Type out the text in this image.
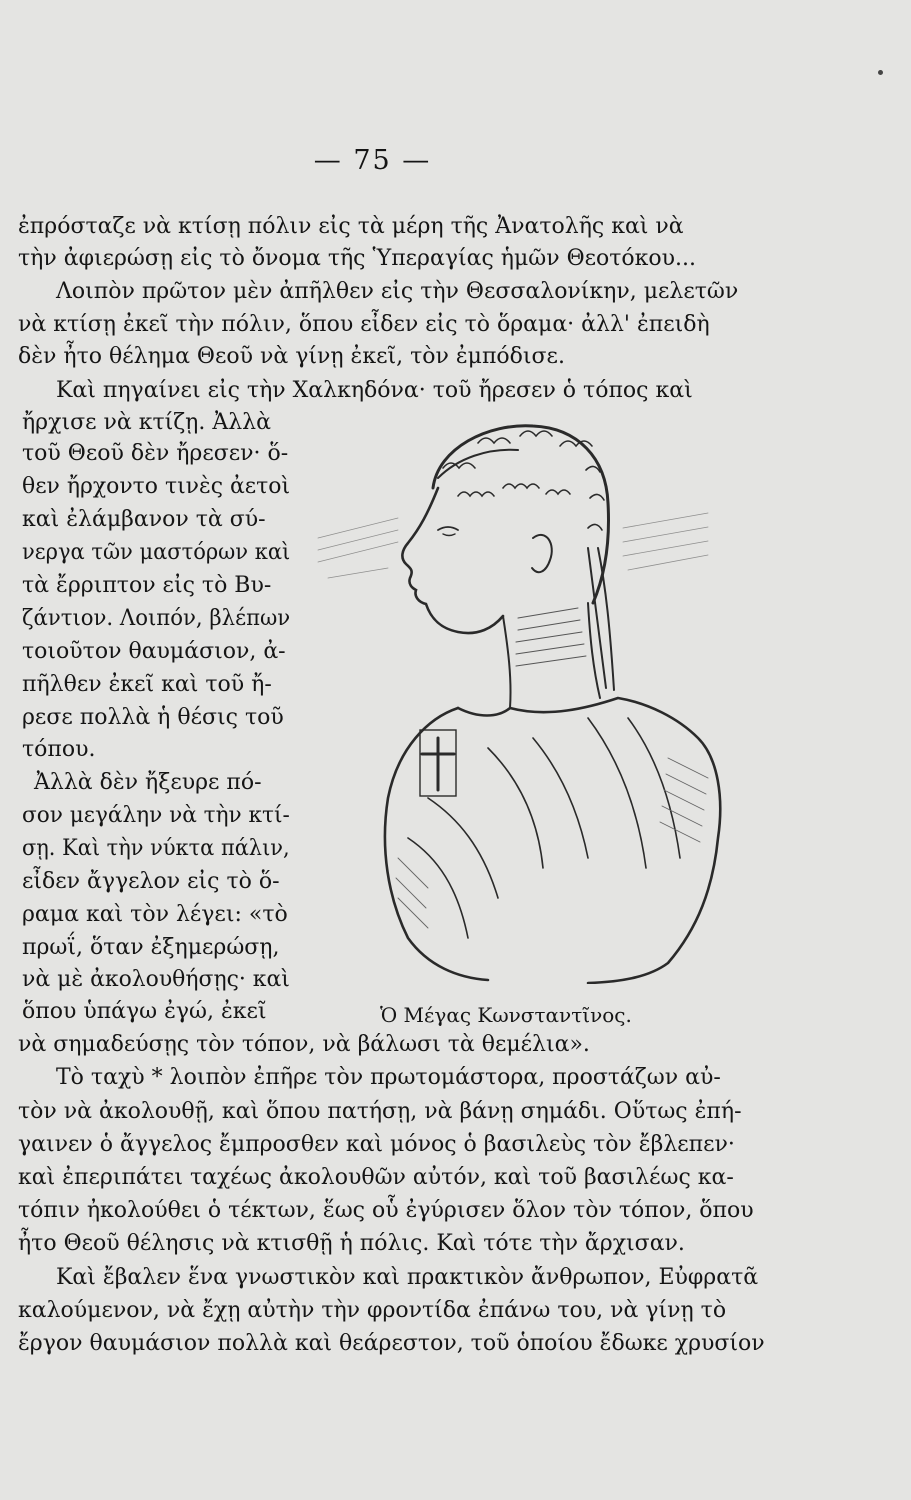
— 75 —
ἐπρόσταζε νὰ κτίσῃ πόλιν εἰς τὰ μέρη τῆς Ἀνατολῆς καὶ νὰ
τὴν ἀφιερώσῃ εἰς τὸ ὄνομα τῆς Ὑπεραγίας ἡμῶν Θεοτόκου...
Λοιπὸν πρῶτον μὲν ἀπῆλθεν εἰς τὴν Θεσσαλονίκην, μελετῶν
νὰ κτίσῃ ἐκεῖ τὴν πόλιν, ὅπου εἶδεν εἰς τὸ ὅραμα· ἀλλ' ἐπειδὴ
δὲν ἦτο θέλημα Θεοῦ νὰ γίνῃ ἐκεῖ, τὸν ἐμπόδισε.
Καὶ πηγαίνει εἰς τὴν Χαλκηδόνα· τοῦ ἤρεσεν ὁ τόπος καὶ
ἤρχισε νὰ κτίζῃ. Ἀλλὰ
τοῦ Θεοῦ δὲν ἤρεσεν· ὅ-
θεν ἤρχοντο τινὲς ἀετοὶ
καὶ ἐλάμβανον τὰ σύ-
νεργα τῶν μαστόρων καὶ
τὰ ἔρριπτον εἰς τὸ Βυ-
ζάντιον. Λοιπόν, βλέπων
τοιοῦτον θαυμάσιον, ἀ-
πῆλθεν ἐκεῖ καὶ τοῦ ἤ-
ρεσε πολλὰ ἡ θέσις τοῦ
τόπου.
Ἀλλὰ δὲν ἤξευρε πό-
σον μεγάλην νὰ τὴν κτί-
σῃ. Καὶ τὴν νύκτα πάλιν,
εἶδεν ἄγγελον εἰς τὸ ὅ-
ραμα καὶ τὸν λέγει: «τὸ
πρωΐ, ὅταν ἐξημερώσῃ,
νὰ μὲ ἀκολουθήσῃς· καὶ
ὅπου ὑπάγω ἐγώ, ἐκεῖ	Ὁ Μέγας Κωνσταντῖνος.
νὰ σημαδεύσῃς τὸν τόπον, νὰ βάλωσι τὰ θεμέλια».
Τὸ ταχὺ * λοιπὸν ἐπῆρε τὸν πρωτομάστορα, προστάζων αὐ-
τὸν νὰ ἀκολουθῇ, καὶ ὅπου πατήσῃ, νὰ βάνῃ σημάδι. Οὕτως ἐπή-
γαινεν ὁ ἄγγελος ἔμπροσθεν καὶ μόνος ὁ βασιλεὺς τὸν ἔβλεπεν·
καὶ ἐπεριπάτει ταχέως ἀκολουθῶν αὐτόν, καὶ τοῦ βασιλέως κα-
τόπιν ἠκολούθει ὁ τέκτων, ἕως οὗ ἐγύρισεν ὅλον τὸν τόπον, ὅπου
ἦτο Θεοῦ θέλησις νὰ κτισθῇ ἡ πόλις. Καὶ τότε τὴν ἄρχισαν.
Καὶ ἔβαλεν ἕνα γνωστικὸν καὶ πρακτικὸν ἄνθρωπον, Εὐφρατᾶ
καλούμενον, νὰ ἔχῃ αὐτὴν τὴν φροντίδα ἐπάνω του, νὰ γίνῃ τὸ
ἔργον θαυμάσιον πολλὰ καὶ θεάρεστον, τοῦ ὁποίου ἔδωκε χρυσίον
